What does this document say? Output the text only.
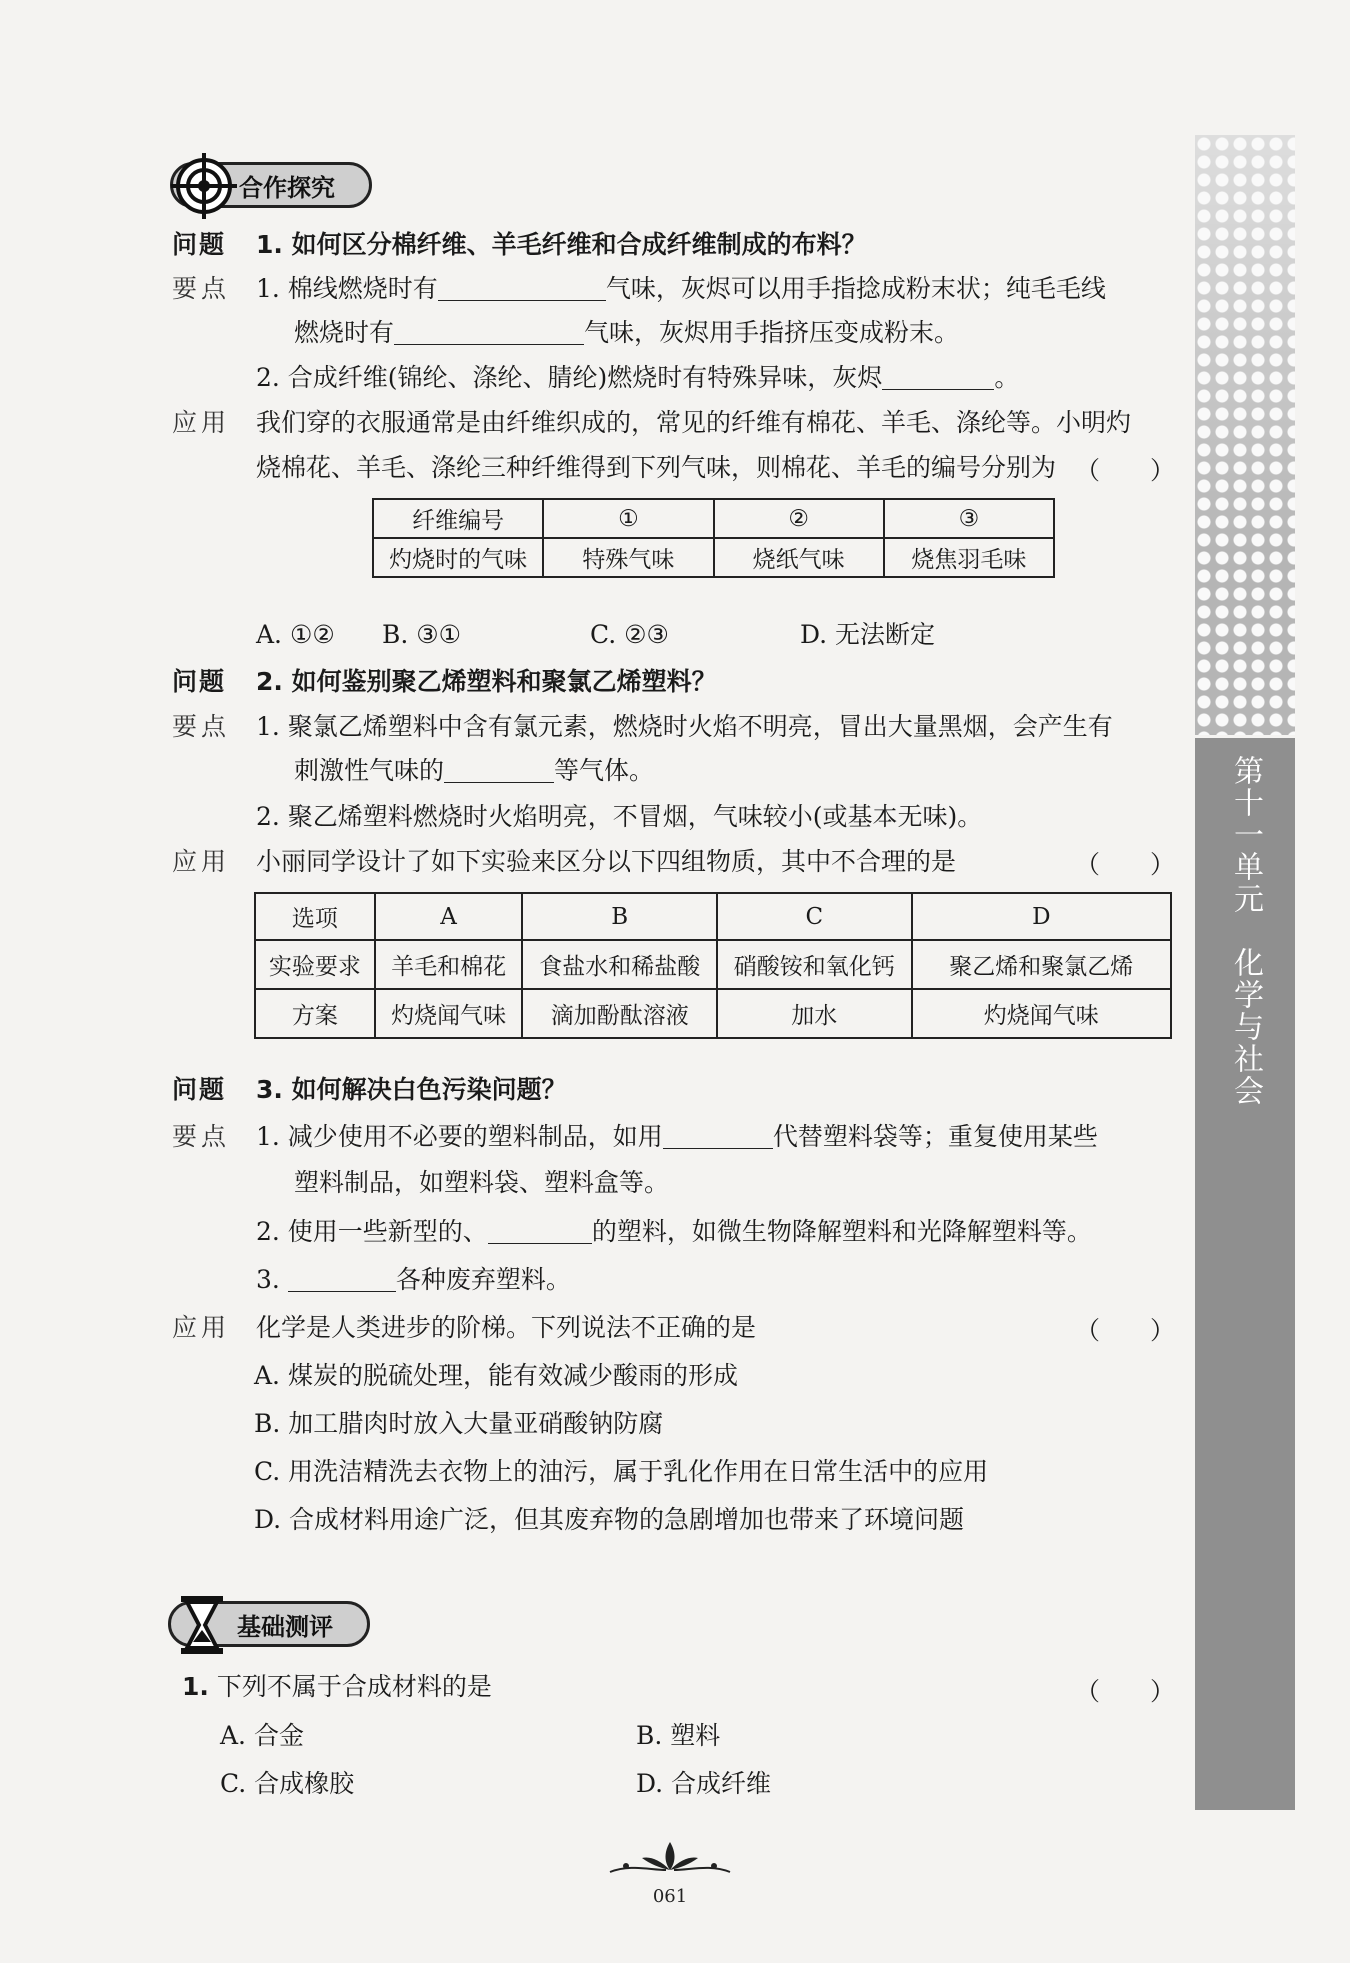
第十一单元　化学与社会
合作探究
问题 1. 如何区分棉纤维、羊毛纤维和合成纤维制成的布料？
要点 1. 棉线燃烧时有	气味，灰烬可以用手指捻成粉末状；纯毛毛线
燃烧时有	气味，灰烬用手指挤压变成粉末。
2. 合成纤维(锦纶、涤纶、腈纶)燃烧时有特殊异味，灰烬	。
应用 我们穿的衣服通常是由纤维织成的，常见的纤维有棉花、羊毛、涤纶等。小明灼
烧棉花、羊毛、涤纶三种纤维得到下列气味，则棉花、羊毛的编号分别为 （　　）
纤维编号	①	②	③
灼烧时的气味	特殊气味	烧纸气味	烧焦羽毛味
A. ①② B. ③①	C. ②③	D. 无法断定
问题 2. 如何鉴别聚乙烯塑料和聚氯乙烯塑料？
要点 1. 聚氯乙烯塑料中含有氯元素，燃烧时火焰不明亮，冒出大量黑烟，会产生有
刺激性气味的	等气体。
2. 聚乙烯塑料燃烧时火焰明亮，不冒烟，气味较小(或基本无味)。
应用 小丽同学设计了如下实验来区分以下四组物质，其中不合理的是	（　　）
选项	A	B	C	D
实验要求	羊毛和棉花	食盐水和稀盐酸	硝酸铵和氧化钙	聚乙烯和聚氯乙烯
方案	灼烧闻气味	滴加酚酞溶液	加水	灼烧闻气味
问题 3. 如何解决白色污染问题？
要点 1. 减少使用不必要的塑料制品，如用	代替塑料袋等；重复使用某些
塑料制品，如塑料袋、塑料盒等。
2. 使用一些新型的、	的塑料，如微生物降解塑料和光降解塑料等。
3.	各种废弃塑料。
应用 化学是人类进步的阶梯。下列说法不正确的是	（　　）
A. 煤炭的脱硫处理，能有效减少酸雨的形成
B. 加工腊肉时放入大量亚硝酸钠防腐
C. 用洗洁精洗去衣物上的油污，属于乳化作用在日常生活中的应用
D. 合成材料用途广泛，但其废弃物的急剧增加也带来了环境问题
基础测评
1. 下列不属于合成材料的是	（　　）
A. 合金	B. 塑料
C. 合成橡胶	D. 合成纤维
061
